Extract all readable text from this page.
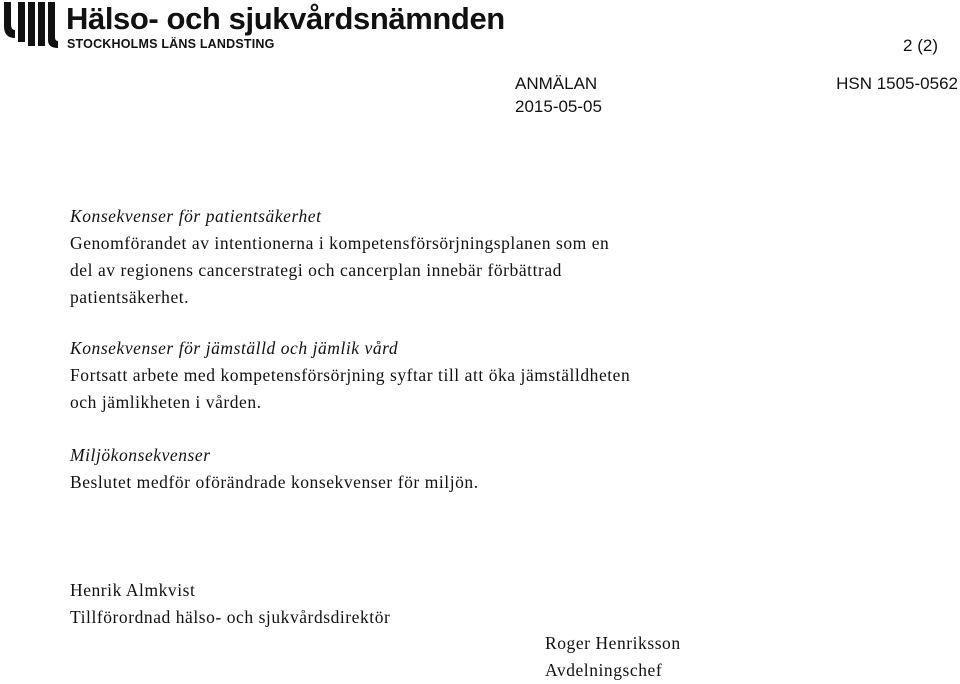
Hälso- och sjukvårdsnämnden
STOCKHOLMS LÄNS LANDSTING	2 (2)
ANMÄLAN
2015-05-05
HSN 1505-0562

Konsekvenser för patientsäkerhet

Genomförandet av intentionerna i kompetensförsörjningsplanen som en

del av regionens cancerstrategi och cancerplan innebär förbättrad

patientsäkerhet.

Konsekvenser för jämställd och jämlik vård

Fortsatt arbete med kompetensförsörjning syftar till att öka jämställdheten

och jämlikheten i vården.

Miljökonsekvenser

Beslutet medför oförändrade konsekvenser för miljön.

Henrik Almkvist

Tillförordnad hälso- och sjukvårdsdirektör

Roger Henriksson

Avdelningschef
